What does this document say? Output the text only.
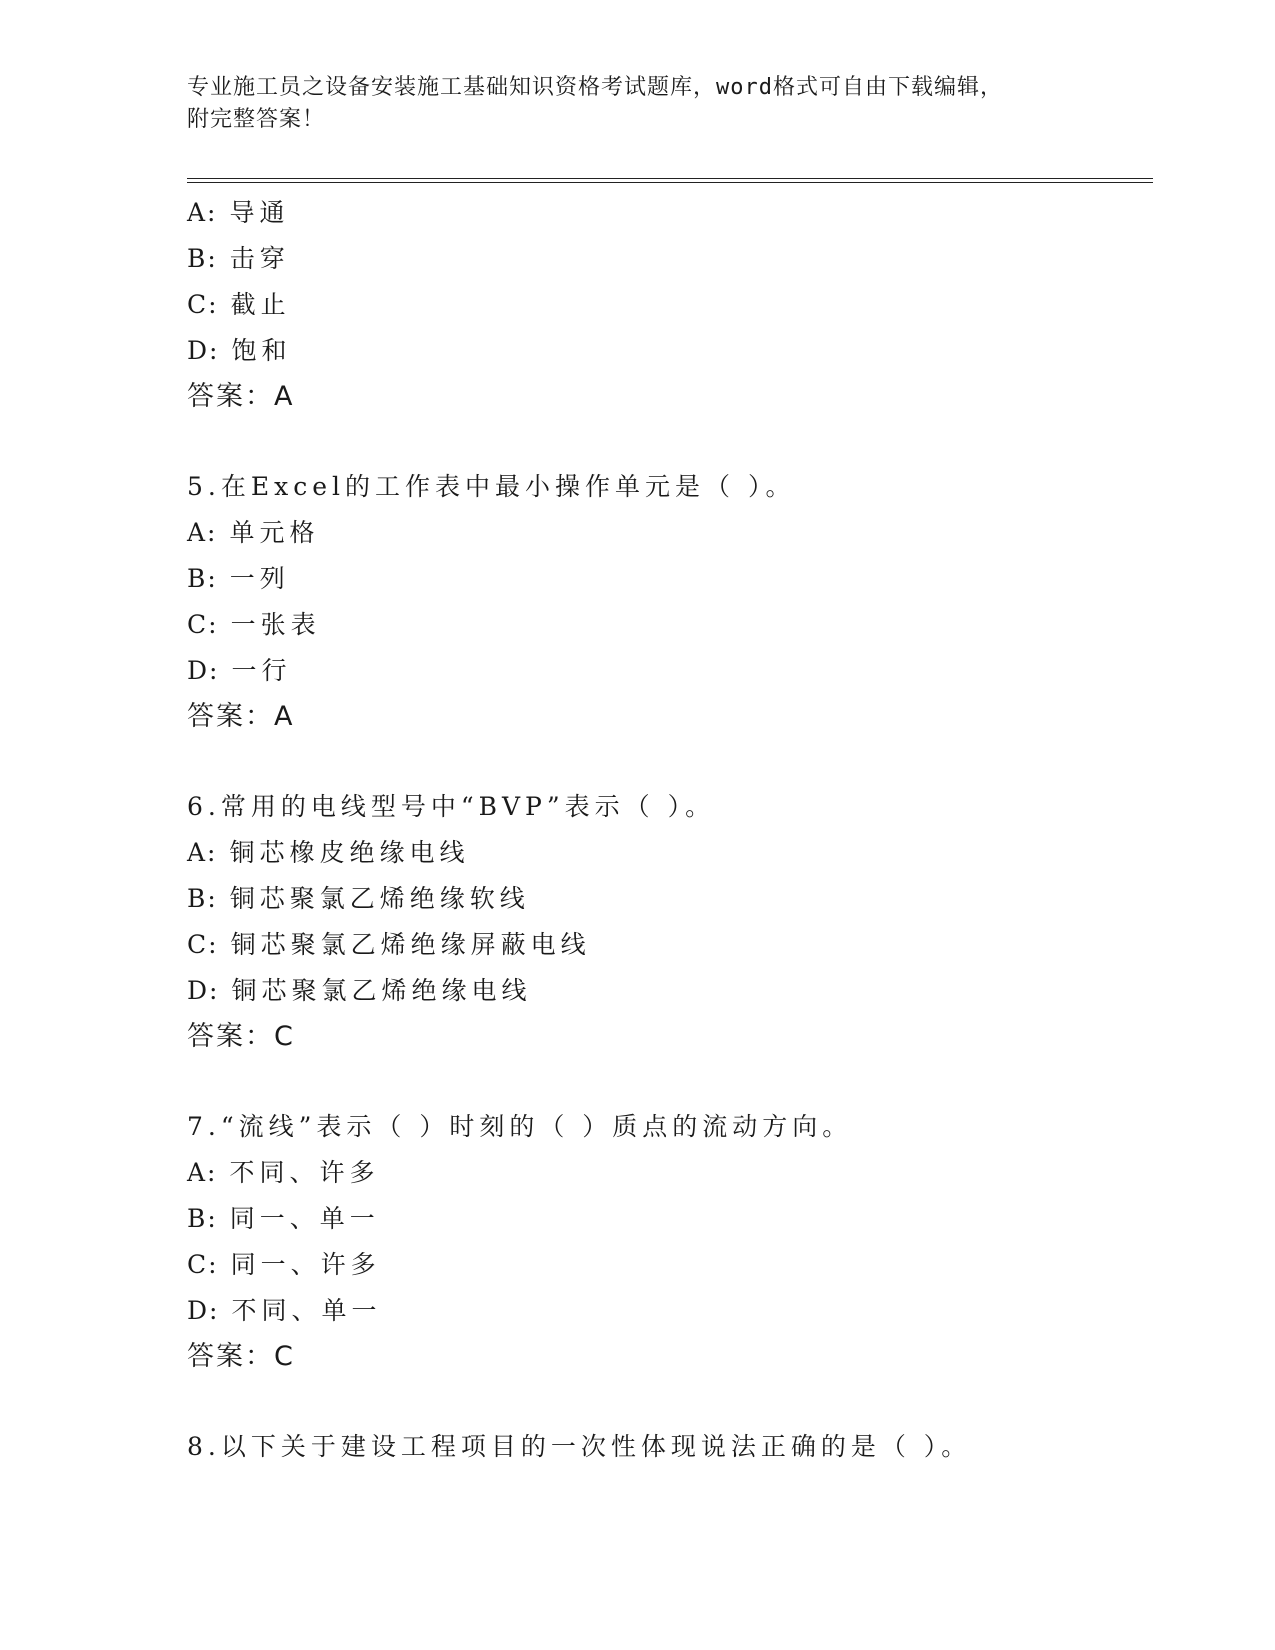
专业施工员之设备安装施工基础知识资格考试题库，word格式可自由下载编辑，
附完整答案！
A: 导通
B: 击穿
C: 截止
D: 饱和
答案：A
5.在Excel的工作表中最小操作单元是（ ）。
A: 单元格
B: 一列
C: 一张表
D: 一行
答案：A
6.常用的电线型号中“BVP”表示（ ）。
A: 铜芯橡皮绝缘电线
B: 铜芯聚氯乙烯绝缘软线
C: 铜芯聚氯乙烯绝缘屏蔽电线
D: 铜芯聚氯乙烯绝缘电线
答案：C
7.“流线”表示（ ）时刻的（ ）质点的流动方向。
A: 不同、许多
B: 同一、单一
C: 同一、许多
D: 不同、单一
答案：C
8.以下关于建设工程项目的一次性体现说法正确的是（ ）。
